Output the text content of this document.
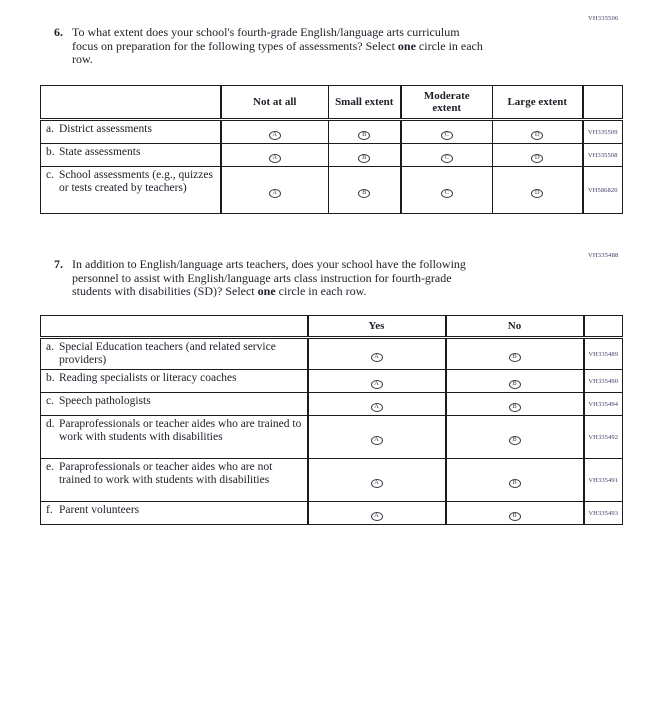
VH335506
6. To what extent does your school's fourth-grade English/language arts curriculum
focus on preparation for the following types of assessments? Select one circle in each
row.
	Not at all	Small extent	Moderate extent	Large extent	

a. District assessments	A	B	C	D	VH335509

b. State assessments	A	B	C	D	VH335508

c. School assessments (e.g., quizzes or tests created by teachers)	A	B	C	D	VH586820
VH335488
7. In addition to English/language arts teachers, does your school have the following
personnel to assist with English/language arts class instruction for fourth-grade
students with disabilities (SD)? Select one circle in each row.
	Yes	No	

a. Special Education teachers (and related service providers)	A	B	VH335489

b. Reading specialists or literacy coaches	A	B	VH335490

c. Speech pathologists	A	B	VH335494

d. Paraprofessionals or teacher aides who are trained to work with students with disabilities	A	B	VH335492

e. Paraprofessionals or teacher aides who are not trained to work with students with disabilities	A	B	VH335491

f. Parent volunteers	A	B	VH335493
